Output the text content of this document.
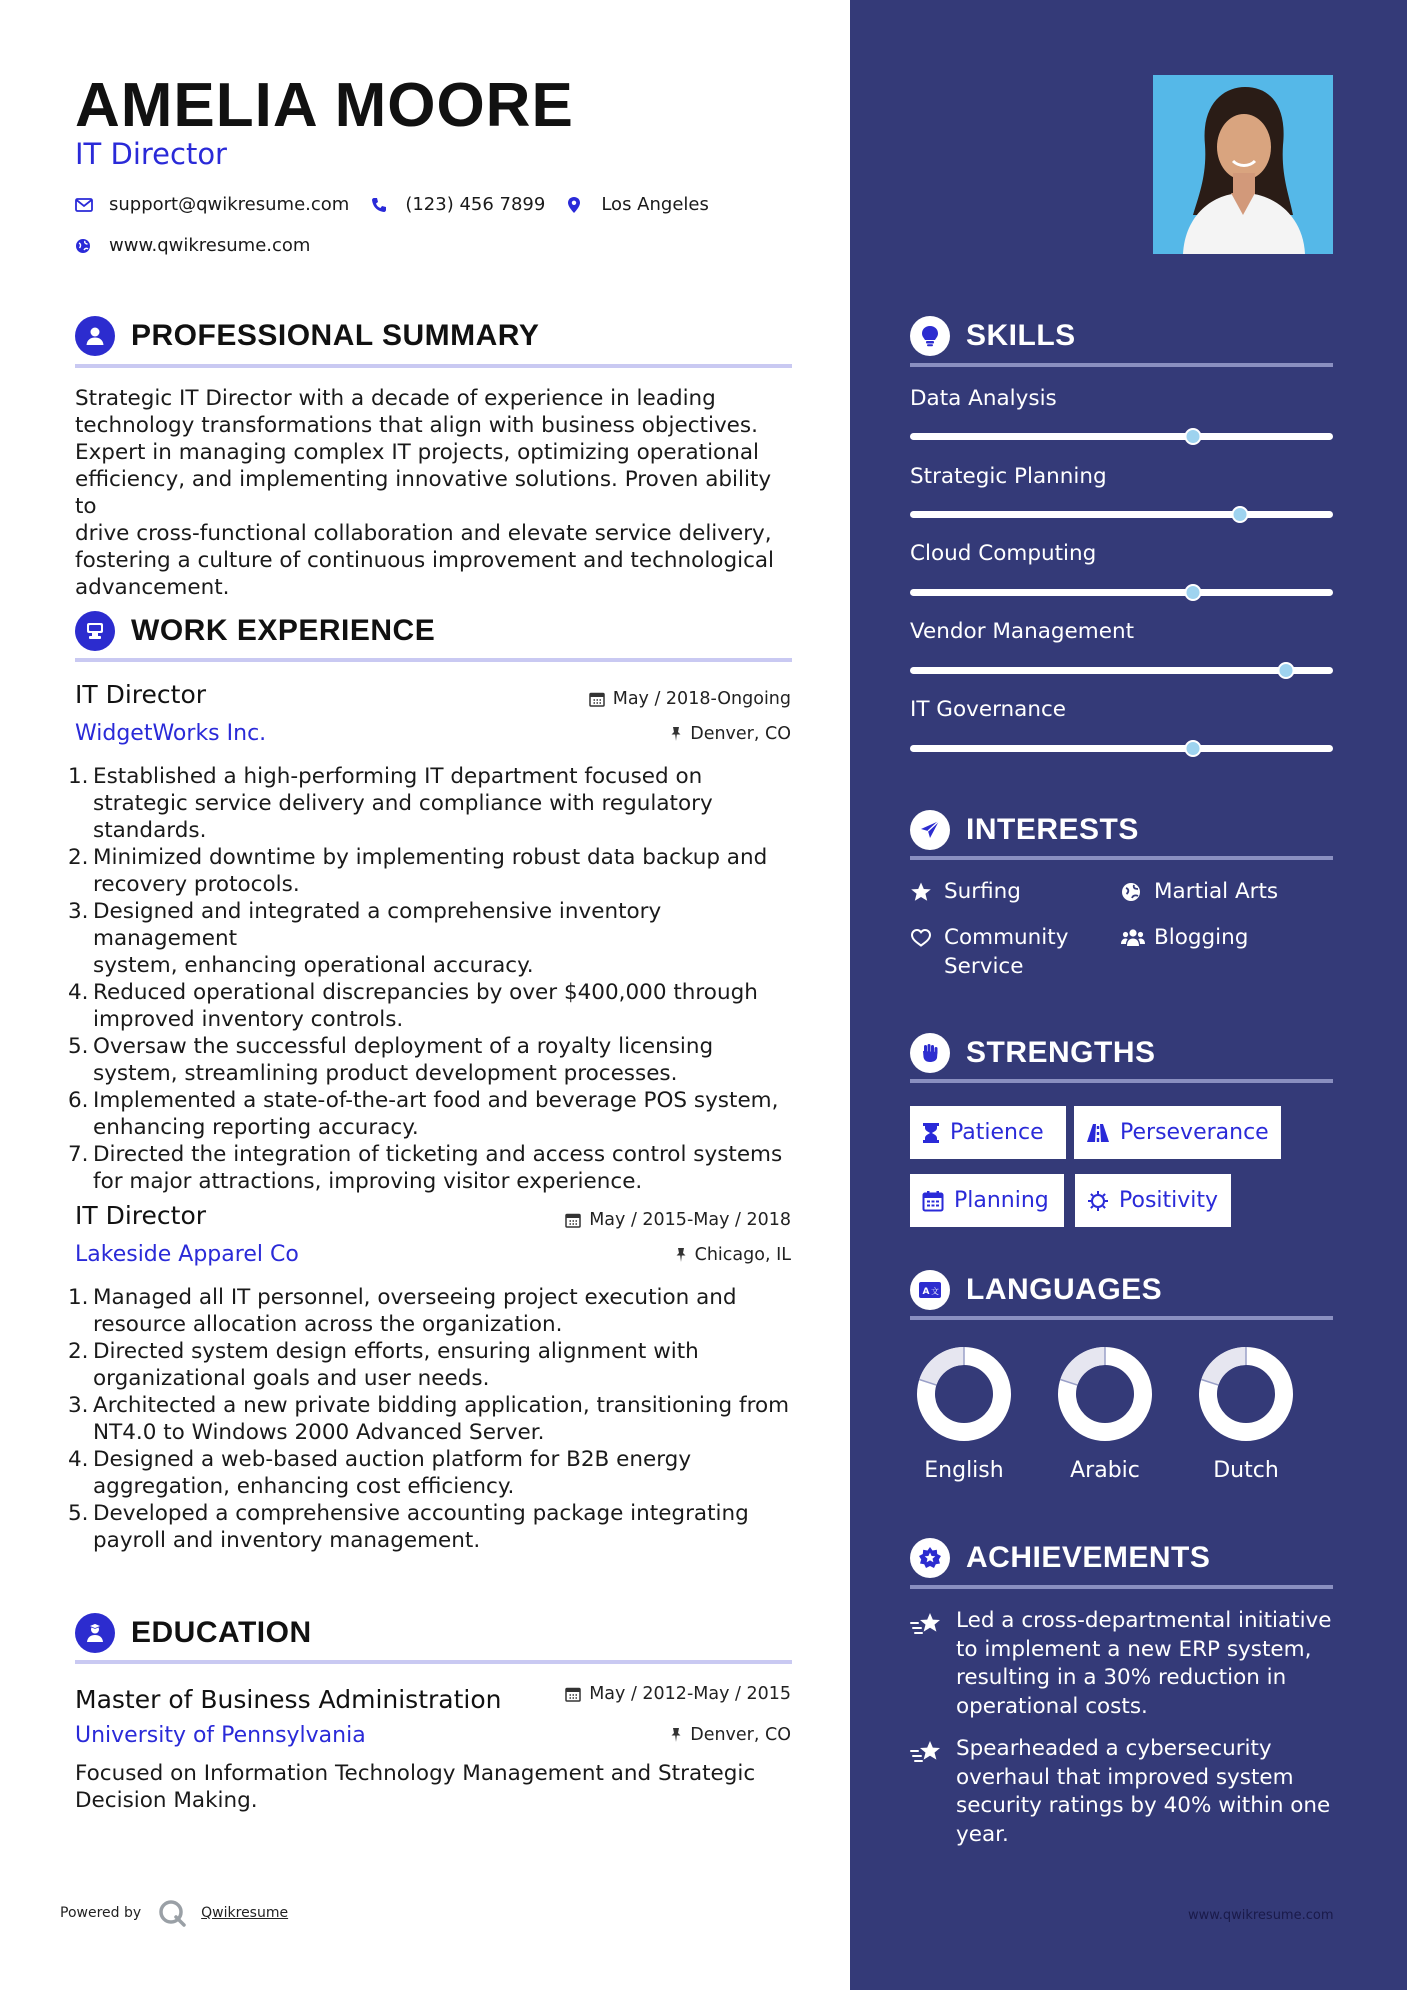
AMELIA MOORE
IT Director
support@qwikresume.com	(123) 456 7899	Los Angeles
www.qwikresume.com
PROFESSIONAL SUMMARY
Strategic IT Director with a decade of experience in leading
technology transformations that align with business objectives.
Expert in managing complex IT projects, optimizing operational
efficiency, and implementing innovative solutions. Proven ability to
drive cross-functional collaboration and elevate service delivery,
fostering a culture of continuous improvement and technological
advancement.
WORK EXPERIENCE
IT Director	May / 2018-Ongoing
WidgetWorks Inc.	Denver, CO
1. Established a high-performing IT department focused on
strategic service delivery and compliance with regulatory
standards.
2. Minimized downtime by implementing robust data backup and
recovery protocols.
3. Designed and integrated a comprehensive inventory management
system, enhancing operational accuracy.
4. Reduced operational discrepancies by over $400,000 through
improved inventory controls.
5. Oversaw the successful deployment of a royalty licensing
system, streamlining product development processes.
6. Implemented a state-of-the-art food and beverage POS system,
enhancing reporting accuracy.
7. Directed the integration of ticketing and access control systems
for major attractions, improving visitor experience.
IT Director	May / 2015-May / 2018
Lakeside Apparel Co	Chicago, IL
1. Managed all IT personnel, overseeing project execution and
resource allocation across the organization.
2. Directed system design efforts, ensuring alignment with
organizational goals and user needs.
3. Architected a new private bidding application, transitioning from
NT4.0 to Windows 2000 Advanced Server.
4. Designed a web-based auction platform for B2B energy
aggregation, enhancing cost efficiency.
5. Developed a comprehensive accounting package integrating
payroll and inventory management.
EDUCATION
Master of Business Administration	May / 2012-May / 2015
University of Pennsylvania	Denver, CO
Focused on Information Technology Management and Strategic
Decision Making.
Powered by	Qwikresume
SKILLS
Data Analysis
Strategic Planning
Cloud Computing
Vendor Management
IT Governance
INTERESTS
Surfing	Martial Arts
Community
Service
Blogging
STRENGTHS
Patience	Perseverance
Planning	Positivity
A 文 LANGUAGES
English	Arabic	Dutch
ACHIEVEMENTS
Led a cross-departmental initiative
to implement a new ERP system,
resulting in a 30% reduction in
operational costs.
Spearheaded a cybersecurity
overhaul that improved system
security ratings by 40% within one
year.
www.qwikresume.com
